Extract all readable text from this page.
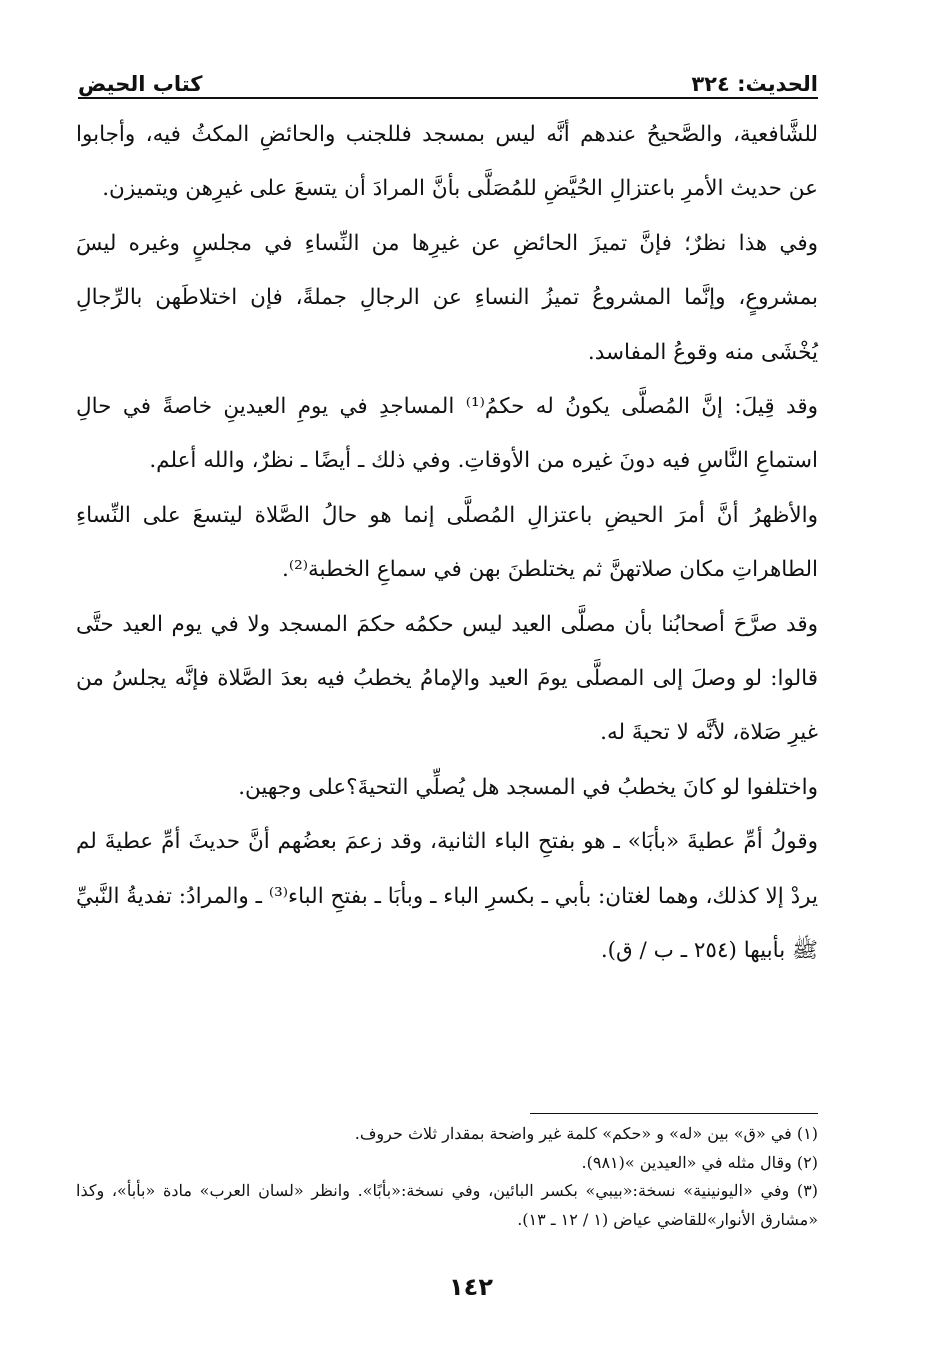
الحديث: ٣٢٤
كتاب الحيض

للشَّافعية، والصَّحيحُ عندهم أنَّه ليس بمسجد فللجنب والحائضِ المكثُ فيه، وأجابوا عن حديث الأمرِ باعتزالِ الحُيَّضِ للمُصَلَّى بأنَّ المرادَ أن يتسعَ على غيرِهن ويتميزن.

وفي هذا نظرٌ؛ فإنَّ تميزَ الحائضِ عن غيرِها من النِّساءِ في مجلسٍ وغيره ليسَ بمشروعٍ، وإنَّما المشروعُ تميزُ النساءِ عن الرجالِ جملةً، فإن اختلاطَهن بالرِّجالِ يُخْشَى منه وقوعُ المفاسد.

وقد قِيلَ: إنَّ المُصلَّى يكونُ له حكمُ⁽¹⁾ المساجدِ في يومِ العيدينِ خاصةً في حالِ استماعِ النَّاسِ فيه دونَ غيره من الأوقاتِ. وفي ذلك ـ أيضًا ـ نظرٌ، والله أعلم.

والأظهرُ أنَّ أمرَ الحيضِ باعتزالِ المُصلَّى إنما هو حالُ الصَّلاة ليتسعَ على النِّساءِ الطاهراتِ مكان صلاتهنَّ ثم يختلطنَ بهن في سماعِ الخطبة⁽²⁾.

وقد صرَّحَ أصحابُنا بأن مصلَّى العيد ليس حكمُه حكمَ المسجد ولا في يوم العيد حتَّى قالوا: لو وصلَ إلى المصلَّى يومَ العيد والإمامُ يخطبُ فيه بعدَ الصَّلاة فإنَّه يجلسُ من غيرِ صَلاة، لأنَّه لا تحيةَ له.

واختلفوا لو كانَ يخطبُ في المسجد هل يُصلِّي التحيةَ؟على وجهين.

وقولُ أمِّ عطيةَ «بأبَا» ـ هو بفتحِ الباء الثانية، وقد زعمَ بعضُهم أنَّ حديثَ أمِّ عطيةَ لم يردْ إلا كذلك، وهما لغتان: بأبي ـ بكسرِ الباء ـ وبأبَا ـ بفتحِ الباء⁽³⁾ ـ والمرادُ: تفديةُ النَّبيِّ ﷺ بأبيها (٢٥٤ ـ ب / ق).

(١) في «ق» بين «له» و «حكم» كلمة غير واضحة بمقدار ثلاث حروف.

(٢) وقال مثله في «العيدين »(٩٨١).

(٣) وفي «اليونينية» نسخة:«بيبي» بكسر البائين، وفي نسخة:«بأبًا». وانظر «لسان العرب» مادة «بأبأ»، وكذا «مشارق الأنوار»للقاضي عياض (١ / ١٢ ـ ١٣).

١٤٢
